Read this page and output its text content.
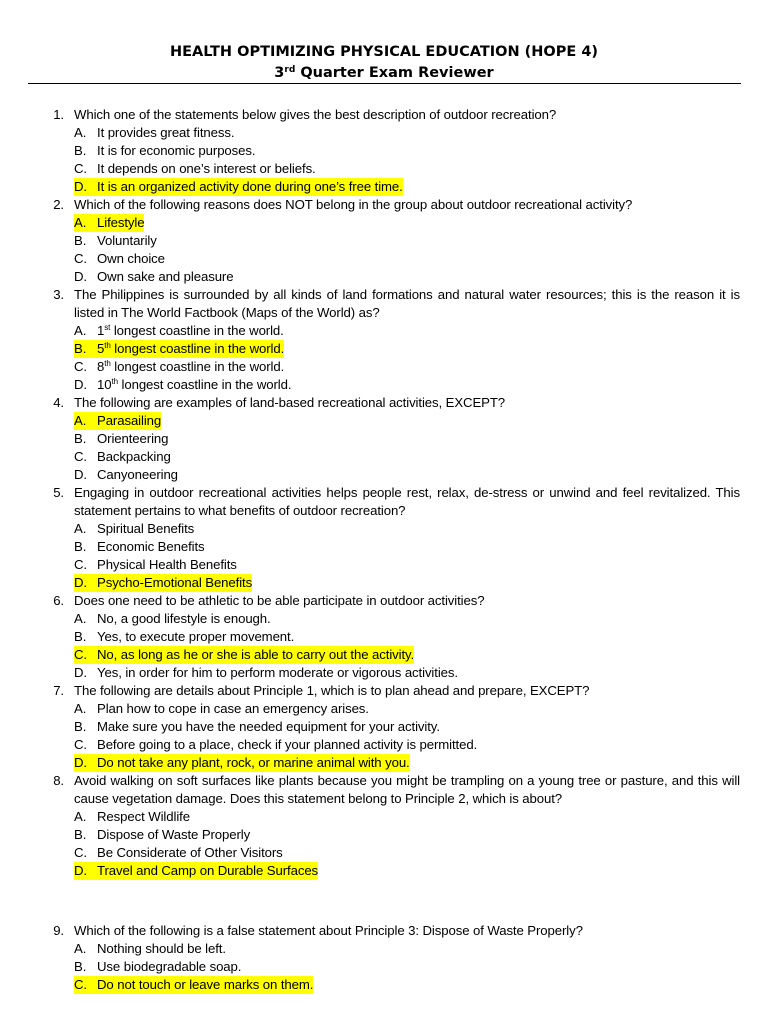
HEALTH OPTIMIZING PHYSICAL EDUCATION (HOPE 4)
3rd Quarter Exam Reviewer
1. Which one of the statements below gives the best description of outdoor recreation?
A. It provides great fitness.
B. It is for economic purposes.
C. It depends on one’s interest or beliefs.
D. It is an organized activity done during one’s free time.
2. Which of the following reasons does NOT belong in the group about outdoor recreational activity?
A. Lifestyle
B. Voluntarily
C. Own choice
D. Own sake and pleasure
3. The Philippines is surrounded by all kinds of land formations and natural water resources; this is the reason it is listed in The World Factbook (Maps of the World) as?
A. 1st longest coastline in the world.
B. 5th longest coastline in the world.
C. 8th longest coastline in the world.
D. 10th longest coastline in the world.
4. The following are examples of land-based recreational activities, EXCEPT?
A. Parasailing
B. Orienteering
C. Backpacking
D. Canyoneering
5. Engaging in outdoor recreational activities helps people rest, relax, de-stress or unwind and feel revitalized. This statement pertains to what benefits of outdoor recreation?
A. Spiritual Benefits
B. Economic Benefits
C. Physical Health Benefits
D. Psycho-Emotional Benefits
6. Does one need to be athletic to be able participate in outdoor activities?
A. No, a good lifestyle is enough.
B. Yes, to execute proper movement.
C. No, as long as he or she is able to carry out the activity.
D. Yes, in order for him to perform moderate or vigorous activities.
7. The following are details about Principle 1, which is to plan ahead and prepare, EXCEPT?
A. Plan how to cope in case an emergency arises.
B. Make sure you have the needed equipment for your activity.
C. Before going to a place, check if your planned activity is permitted.
D. Do not take any plant, rock, or marine animal with you.
8. Avoid walking on soft surfaces like plants because you might be trampling on a young tree or pasture, and this will cause vegetation damage. Does this statement belong to Principle 2, which is about?
A. Respect Wildlife
B. Dispose of Waste Properly
C. Be Considerate of Other Visitors
D. Travel and Camp on Durable Surfaces
9. Which of the following is a false statement about Principle 3: Dispose of Waste Properly?
A. Nothing should be left.
B. Use biodegradable soap.
C. Do not touch or leave marks on them.
